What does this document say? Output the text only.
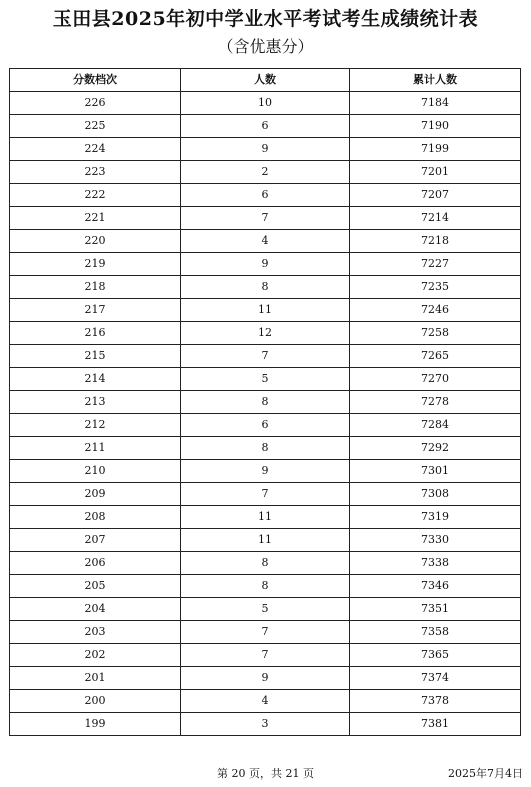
玉田县2025年初中学业水平考试考生成绩统计表
（含优惠分）
分数档次	人数	累计人数
226	10	7184
225	6	7190
224	9	7199
223	2	7201
222	6	7207
221	7	7214
220	4	7218
219	9	7227
218	8	7235
217	11	7246
216	12	7258
215	7	7265
214	5	7270
213	8	7278
212	6	7284
211	8	7292
210	9	7301
209	7	7308
208	11	7319
207	11	7330
206	8	7338
205	8	7346
204	5	7351
203	7	7358
202	7	7365
201	9	7374
200	4	7378
199	3	7381
第 20 页，共 21 页	2025年7月4日
